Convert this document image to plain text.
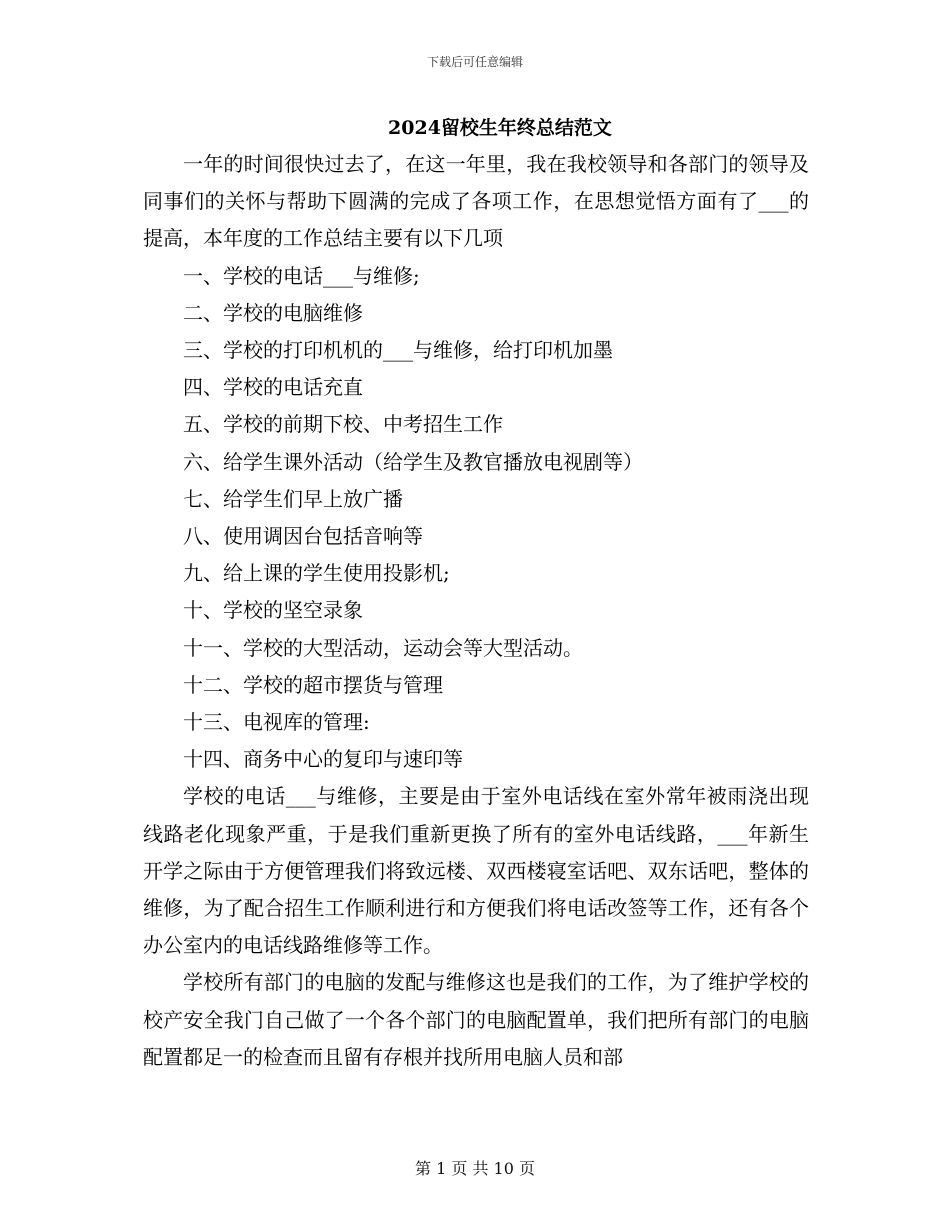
下载后可任意编辑
2024留校生年终总结范文

一年的时间很快过去了，在这一年里，我在我校领导和各部门的领导及同事们的关怀与帮助下圆满的完成了各项工作，在思想觉悟方面有了___的提高，本年度的工作总结主要有以下几项

一、学校的电话___与维修;

二、学校的电脑维修

三、学校的打印机机的___与维修，给打印机加墨

四、学校的电话充直

五、学校的前期下校、中考招生工作

六、给学生课外活动（给学生及教官播放电视剧等）

七、给学生们早上放广播

八、使用调因台包括音响等

九、给上课的学生使用投影机;

十、学校的坚空录象

十一、学校的大型活动，运动会等大型活动。

十二、学校的超市摆货与管理

十三、电视库的管理:

十四、商务中心的复印与速印等

学校的电话___与维修，主要是由于室外电话线在室外常年被雨浇出现线路老化现象严重，于是我们重新更换了所有的室外电话线路，___年新生开学之际由于方便管理我们将致远楼、双西楼寝室话吧、双东话吧，整体的维修，为了配合招生工作顺利进行和方便我们将电话改签等工作，还有各个办公室内的电话线路维修等工作。

学校所有部门的电脑的发配与维修这也是我们的工作，为了维护学校的校产安全我门自己做了一个各个部门的电脑配置单，我们把所有部门的电脑配置都足一的检查而且留有存根并找所用电脑人员和部

第 1 页 共 10 页
